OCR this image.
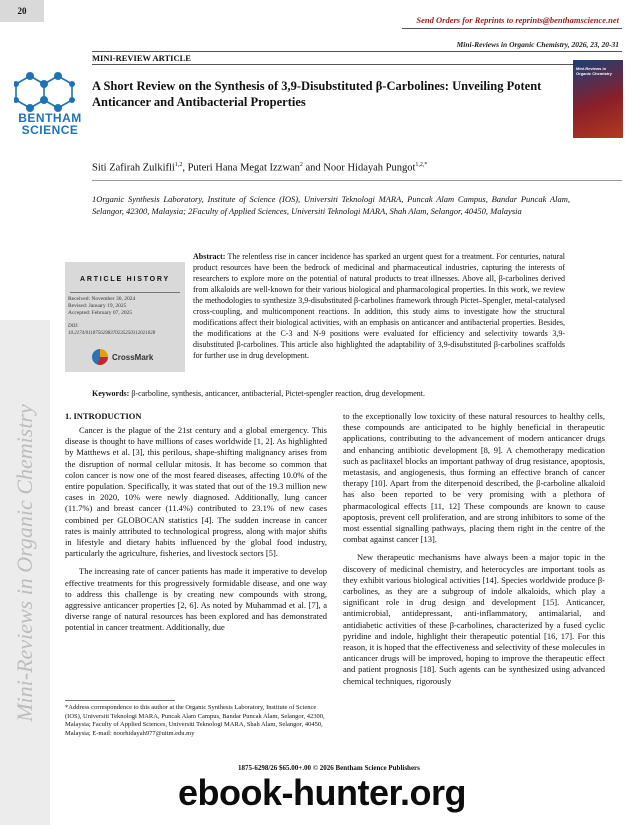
20
Send Orders for Reprints to reprints@benthamscience.net
Mini-Reviews in Organic Chemistry, 2026, 23, 20-31
MINI-REVIEW ARTICLE
BENTHAM
SCIENCE
Mini-Reviews in Organic Chemistry
A Short Review on the Synthesis of 3,9-Disubstituted β-Carbolines: Unveiling Potent Anticancer and Antibacterial Properties
Siti Zafirah Zulkifli$^{1,2}$, Puteri Hana Megat Izzwan$^2$ and Noor Hidayah Pungot$^{1,2,*}$
1Organic Synthesis Laboratory, Institute of Science (IOS), Universiti Teknologi MARA, Puncak Alam Campus, Bandar Puncak Alam, Selangor, 42300, Malaysia; 2Faculty of Applied Sciences, Universiti Teknologi MARA, Shah Alam, Selangor, 40450, Malaysia
ARTICLE HISTORY
Received: November 30, 2024
Revised: January 19, 2025
Accepted: February 07, 2025
DOI:
10.2174/0118756298370235250312021828
CrossMark
Abstract: The relentless rise in cancer incidence has sparked an urgent quest for a treatment. For centuries, natural product resources have been the bedrock of medicinal and pharmaceutical industries, capturing the interests of researchers to explore more on the potential of natural products to treat illnesses. Above all, β-carbolines derived from alkaloids are well-known for their various biological and pharmacological properties. In this work, we review the methodologies to synthesize 3,9-disubstituted β-carbolines framework through Pictet–Spengler, metal-catalysed cross-coupling, and multicomponent reactions. In addition, this study aims to investigate how the structural modifications affect their biological activities, with an emphasis on anticancer and antibacterial properties. Besides, the modifications at the C-3 and N-9 positions were evaluated for efficiency and selectivity towards 3,9-disubstituted β-carbolines. This article also highlighted the adaptability of 3,9-disubstituted β-carbolines scaffolds for further use in drug development.
Keywords: β-carboline, synthesis, anticancer, antibacterial, Pictet-spengler reaction, drug development.
Mini-Reviews in Organic Chemistry	1. INTRODUCTION

Cancer is the plague of the 21st century and a global emergency. This disease is thought to have millions of cases worldwide [1, 2]. As highlighted by Matthews et al. [3], this perilous, shape-shifting malignancy arises from the disruption of normal cellular mitosis. It has become so common that colon cancer is now one of the most feared diseases, affecting 10.0% of the entire population. Specifically, it was stated that out of the 19.3 million new cases in 2020, 10% were newly diagnosed. Additionally, lung cancer (11.7%) and breast cancer (11.4%) contributed to 23.1% of new cases combined per GLOBOCAN statistics [4]. The sudden increase in cancer rates is mainly attributed to technological progress, along with major shifts in lifestyle and dietary habits influenced by the global food industry, particularly the agriculture, fisheries, and livestock sectors [5].

The increasing rate of cancer patients has made it imperative to develop effective treatments for this progressively formidable disease, and one way to address this challenge is by creating new compounds with strong, aggressive anticancer properties [2, 6]. As noted by Muhammad et al. [7], a diverse range of natural resources has been explored and has demonstrated potential in cancer treatment. Additionally, due

to the exceptionally low toxicity of these natural resources to healthy cells, these compounds are anticipated to be highly beneficial in therapeutic applications, contributing to the advancement of modern anticancer drugs and enhancing antibiotic development [8, 9]. A chemotherapy medication such as paclitaxel blocks an important pathway of drug resistance, apoptosis, metastasis, and angiogenesis, thus forming an effective branch of cancer therapy [10]. Apart from the diterpenoid described, the β-carboline alkaloid has also been reported to be very promising with a plethora of pharmacological effects [11, 12] These compounds are known to cause apoptosis, prevent cell proliferation, and are strong inhibitors to some of the most essential signalling pathways, placing them right in the centre of the combat against cancer [13].

New therapeutic mechanisms have always been a major topic in the discovery of medicinal chemistry, and heterocycles are important tools as they exhibit various biological activities [14]. Species worldwide produce β-carbolines, as they are a subgroup of indole alkaloids, which play a significant role in drug design and development [15]. Anticancer, antimicrobial, antidepressant, anti-inflammatory, antimalarial, and antidiabetic activities of these β-carbolines, characterized by a fused cyclic pyridine and indole, highlight their therapeutic potential [16, 17]. For this reason, it is hoped that the effectiveness and selectivity of these molecules in anticancer drugs will be improved, hoping to improve the therapeutic effect and patient prognosis [18]. Such agents can be synthesized using advanced chemical techniques, rigorously

*Address correspondence to this author at the Organic Synthesis Laboratory, Institute of Science (IOS), Universiti Teknologi MARA, Puncak Alam Campus, Bandar Puncak Alam, Selangor, 42300, Malaysia; Faculty of Applied Sciences, Universiti Teknologi MARA, Shah Alam, Selangor, 40450, Malaysia; E-mail: noorhidayah977@uitm.edu.my
1875-6298/26 $65.00+.00 © 2026 Bentham Science Publishers
ebook-hunter.org
